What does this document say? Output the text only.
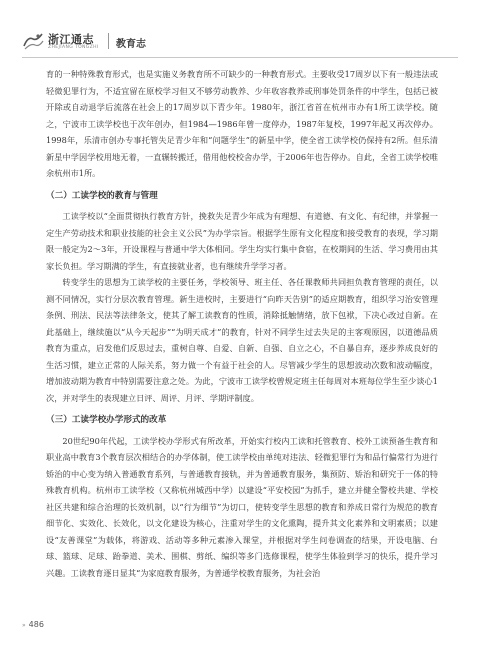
浙江通志
ZHEJIANG TONGZHI 教育志

育的一种特殊教育形式，也是实施义务教育所不可缺少的一种教育形式。主要收受17周岁以下有一般违法或轻微犯罪行为，不适宜留在原校学习但又不够劳动教养、少年收容教养或刑事处罚条件的中学生，包括已被开除或自动退学后流落在社会上的17周岁以下青少年。1980年，浙江省首在杭州市办有1所工读学校。随之，宁波市工读学校也于次年创办，但1984—1986年曾一度停办，1987年复校，1997年起又再次停办。1998年，乐清市创办专事托管失足青少年和“问题学生”的新星中学，使全省工读学校仍保持有2所。但乐清新星中学因学校用地无着，一直辗转搬迁，借用他校校舍办学，于2006年也告停办。自此，全省工读学校唯余杭州市1所。

（二）工读学校的教育与管理

工读学校以“全面贯彻执行教育方针，挽救失足青少年成为有理想、有道德、有文化、有纪律，并掌握一定生产劳动技术和职业技能的社会主义公民”为办学宗旨。根据学生原有文化程度和接受教育的表现，学习期限一般定为2～3年，开设课程与普通中学大体相同。学生均实行集中食宿，在校期间的生活、学习费用由其家长负担。学习期满的学生，有直接就业者，也有继续升学学习者。

转变学生的思想为工读学校的主要任务，学校领导、班主任、各任课教师共同担负教育管理的责任，以测不同情况，实行分层次教育管理。新生进校时，主要进行“向昨天告别”的适应期教育，组织学习治安管理条例、刑法、民法等法律条文，使其了解工读教育的性质，消除抵触情绪，放下包袱，下决心改过自新。在此基础上，继续施以“从今天起步”“为明天成才”的教育，针对不同学生过去失足的主客观原因，以道德品质教育为重点，启发他们反思过去，重树自尊、自爱、自新、自强、自立之心，不自暴自弃，逐步养成良好的生活习惯，建立正常的人际关系，努力做一个有益于社会的人。尽管减少学生的思想波动次数和波动幅度，增加波动期为教育中特别需要注意之处。为此，宁波市工读学校曾规定班主任每周对本班每位学生至少谈心1次，并对学生的表现建立日评、周评、月评、学期评制度。

（三）工读学校办学形式的改革

20世纪90年代起，工读学校办学形式有所改革，开始实行校内工读和托管教育、校外工读预备生教育和职业高中教育3个教育层次相结合的办学体制，使工读学校由单纯对违法、轻微犯罪行为和品行偏常行为进行矫治的中心变为纳入普通教育系列，与普通教育接轨，并为普通教育服务，集预防、矫治和研究于一体的特殊教育机构。杭州市工读学校（又称杭州城西中学）以建设“平安校园”为抓手，建立并健全警校共建、学校社区共建和综合治理的长效机制，以“行为细节”为切口，使转变学生思想的教育和养成日常行为规范的教育细节化、实效化、长效化，以文化建设为核心，注重对学生的文化熏陶，提升其文化素养和文明素质；以建设“友善课堂”为载体，将游戏、活动等多种元素渗入课堂，并根据对学生问卷调查的结果，开设电脑、台球、篮球、足球、跆拳道、美术、围棋、剪纸、编织等多门选修课程，使学生体验到学习的快乐，提升学习兴趣。工读教育逐日显其“为家庭教育服务，为普通学校教育服务，为社会治

» 486
